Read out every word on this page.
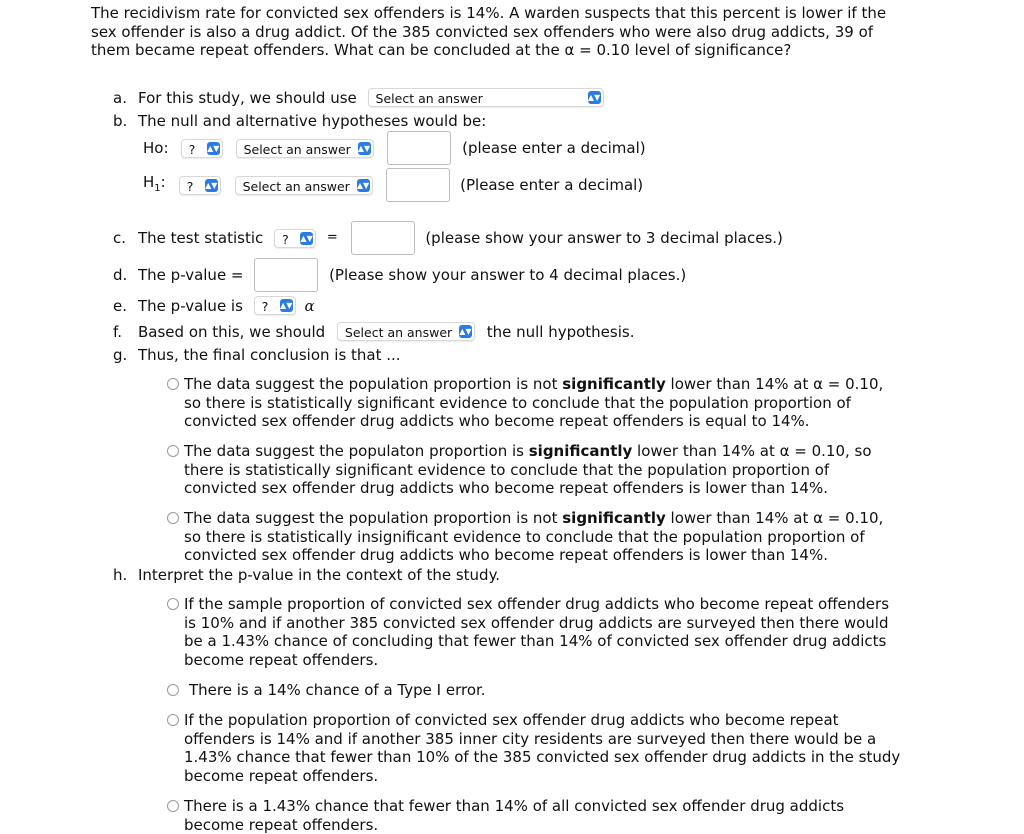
The recidivism rate for convicted sex offenders is 14%. A warden suspects that this percent is lower if the sex offender is also a drug addict. Of the 385 convicted sex offenders who were also drug addicts, 39 of them became repeat offenders. What can be concluded at the α = 0.10 level of significance?
a. For this study, we should use Select an answer	▲▼
b. The null and alternative hypotheses would be:
Ho: ? ▲▼ Select an answer ▲▼	(please enter a decimal)
$H_1$: ? ▲▼ Select an answer ▲▼	(Please enter a decimal)
c. The test statistic ? ▲▼ =	(please show your answer to 3 decimal places.)
d. The p-value =	(Please show your answer to 4 decimal places.)
e. The p-value is ? ▲▼ α
f. Based on this, we should Select an answer ▲▼ the null hypothesis.
g. Thus, the final conclusion is that ...
The data suggest the population proportion is not significantly lower than 14% at α = 0.10, so there is statistically significant evidence to conclude that the population proportion of convicted sex offender drug addicts who become repeat offenders is equal to 14%.
The data suggest the populaton proportion is significantly lower than 14% at α = 0.10, so there is statistically significant evidence to conclude that the population proportion of convicted sex offender drug addicts who become repeat offenders is lower than 14%.
The data suggest the population proportion is not significantly lower than 14% at α = 0.10, so there is statistically insignificant evidence to conclude that the population proportion of convicted sex offender drug addicts who become repeat offenders is lower than 14%.
h. Interpret the p-value in the context of the study.
If the sample proportion of convicted sex offender drug addicts who become repeat offenders is 10% and if another 385 convicted sex offender drug addicts are surveyed then there would be a 1.43% chance of concluding that fewer than 14% of convicted sex offender drug addicts become repeat offenders.
There is a 14% chance of a Type I error.
If the population proportion of convicted sex offender drug addicts who become repeat offenders is 14% and if another 385 inner city residents are surveyed then there would be a 1.43% chance that fewer than 10% of the 385 convicted sex offender drug addicts in the study become repeat offenders.
There is a 1.43% chance that fewer than 14% of all convicted sex offender drug addicts become repeat offenders.
